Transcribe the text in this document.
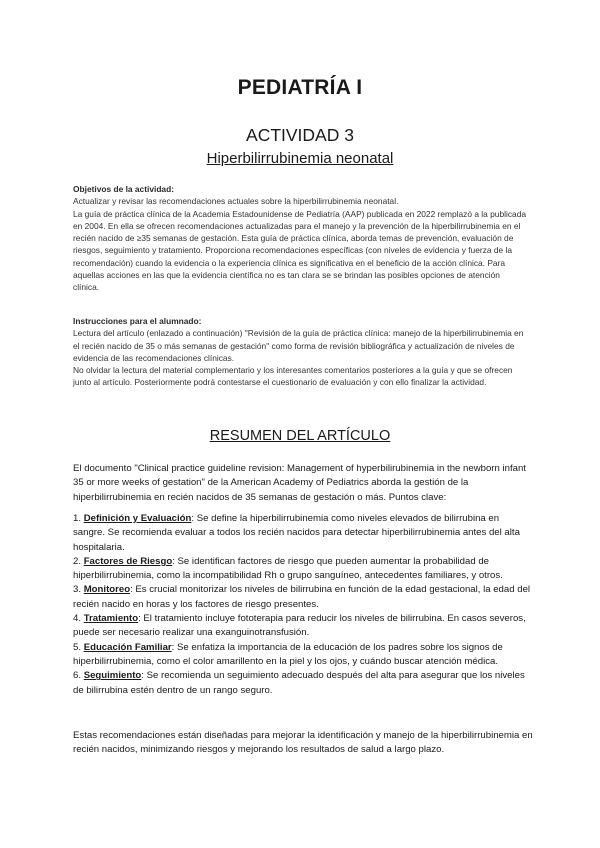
PEDIATRÍA I
ACTIVIDAD 3
Hiperbilirrubinemia neonatal

Objetivos de la actividad:

Actualizar y revisar las recomendaciones actuales sobre la hiperbilirrubinemia neonatal.

La guía de práctica clínica de la Academia Estadounidense de Pediatría (AAP) publicada en 2022 remplazó a la publicada en 2004. En ella se ofrecen recomendaciones actualizadas para el manejo y la prevención de la hiperbilirrubinemia en el recién nacido de ≥35 semanas de gestación. Esta guía de práctica clínica, aborda temas de prevención, evaluación de riesgos, seguimiento y tratamiento. Proporciona recomendaciones específicas (con niveles de evidencia y fuerza de la recomendación) cuando la evidencia o la experiencia clínica es significativa en el beneficio de la acción clínica. Para aquellas acciones en las que la evidencia científica no es tan clara se se brindan las posibles opciones de atención clínica.

Instrucciones para el alumnado:

Lectura del artículo (enlazado a continuación) "Revisión de la guía de práctica clínica: manejo de la hiperbilirrubinemia en el recién nacido de 35 o más semanas de gestación" como forma de revisión bibliográfica y actualización de niveles de evidencia de las recomendaciones clínicas.

No olvidar la lectura del material complementario y los interesantes comentarios posteriores a la guía y que se ofrecen junto al artículo. Posteriormente podrá contestarse el cuestionario de evaluación y con ello finalizar la actividad.

RESUMEN DEL ARTÍCULO

El documento "Clinical practice guideline revision: Management of hyperbilirubinemia in the newborn infant 35 or more weeks of gestation" de la American Academy of Pediatrics aborda la gestión de la hiperbilirrubinemia en recién nacidos de 35 semanas de gestación o más. Puntos clave:

1. Definición y Evaluación: Se define la hiperbilirrubinemia como niveles elevados de bilirrubina en sangre. Se recomienda evaluar a todos los recién nacidos para detectar hiperbilirrubinemia antes del alta hospitalaria.

2. Factores de Riesgo: Se identifican factores de riesgo que pueden aumentar la probabilidad de hiperbilirrubinemia, como la incompatibilidad Rh o grupo sanguíneo, antecedentes familiares, y otros.

3. Monitoreo: Es crucial monitorizar los niveles de bilirrubina en función de la edad gestacional, la edad del recién nacido en horas y los factores de riesgo presentes.

4. Tratamiento: El tratamiento incluye fototerapia para reducir los niveles de bilirrubina. En casos severos, puede ser necesario realizar una exanguinotransfusión.

5. Educación Familiar: Se enfatiza la importancia de la educación de los padres sobre los signos de hiperbilirrubinemia, como el color amarillento en la piel y los ojos, y cuándo buscar atención médica.

6. Seguimiento: Se recomienda un seguimiento adecuado después del alta para asegurar que los niveles de bilirrubina estén dentro de un rango seguro.

Estas recomendaciones están diseñadas para mejorar la identificación y manejo de la hiperbilirrubinemia en recién nacidos, minimizando riesgos y mejorando los resultados de salud a largo plazo.
